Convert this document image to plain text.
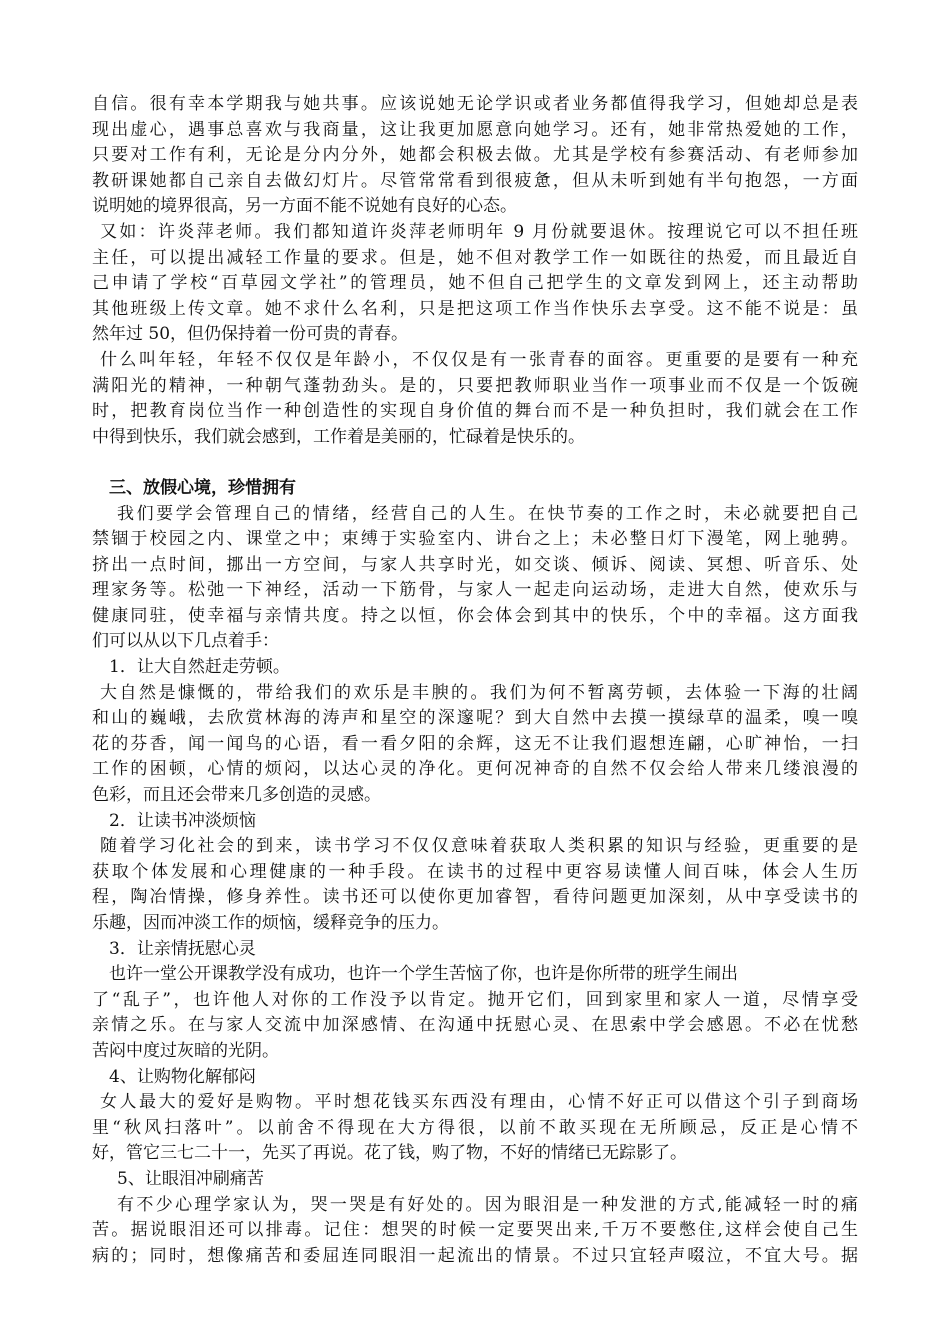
自信。很有幸本学期我与她共事。应该说她无论学识或者业务都值得我学习，但她却总是表
现出虚心，遇事总喜欢与我商量，这让我更加愿意向她学习。还有，她非常热爱她的工作，
只要对工作有利，无论是分内分外，她都会积极去做。尤其是学校有参赛活动、有老师参加
教研课她都自己亲自去做幻灯片。尽管常常看到很疲惫，但从未听到她有半句抱怨，一方面
说明她的境界很高，另一方面不能不说她有良好的心态。
又如：许炎萍老师。我们都知道许炎萍老师明年 9 月份就要退休。按理说它可以不担任班
主任，可以提出减轻工作量的要求。但是，她不但对教学工作一如既往的热爱，而且最近自
己申请了学校“百草园文学社”的管理员，她不但自己把学生的文章发到网上，还主动帮助
其他班级上传文章。她不求什么名利，只是把这项工作当作快乐去享受。这不能不说是：虽
然年过 50，但仍保持着一份可贵的青春。
什么叫年轻，年轻不仅仅是年龄小，不仅仅是有一张青春的面容。更重要的是要有一种充
满阳光的精神，一种朝气蓬勃劲头。是的，只要把教师职业当作一项事业而不仅是一个饭碗
时，把教育岗位当作一种创造性的实现自身价值的舞台而不是一种负担时，我们就会在工作
中得到快乐，我们就会感到，工作着是美丽的，忙碌着是快乐的。
三、放假心境，珍惜拥有
我们要学会管理自己的情绪，经营自己的人生。在快节奏的工作之时，未必就要把自己
禁锢于校园之内、课堂之中；束缚于实验室内、讲台之上；未必整日灯下漫笔，网上驰骋。
挤出一点时间，挪出一方空间，与家人共享时光，如交谈、倾诉、阅读、冥想、听音乐、处
理家务等。松弛一下神经，活动一下筋骨，与家人一起走向运动场，走进大自然，使欢乐与
健康同驻，使幸福与亲情共度。持之以恒，你会体会到其中的快乐，个中的幸福。这方面我
们可以从以下几点着手：
1．让大自然赶走劳顿。
大自然是慷慨的，带给我们的欢乐是丰腴的。我们为何不暂离劳顿，去体验一下海的壮阔
和山的巍峨，去欣赏林海的涛声和星空的深邃呢？到大自然中去摸一摸绿草的温柔，嗅一嗅
花的芬香，闻一闻鸟的心语，看一看夕阳的余辉，这无不让我们遐想连翩，心旷神怡，一扫
工作的困顿，心情的烦闷，以达心灵的净化。更何况神奇的自然不仅会给人带来几缕浪漫的
色彩，而且还会带来几多创造的灵感。
2．让读书冲淡烦恼
随着学习化社会的到来，读书学习不仅仅意味着获取人类积累的知识与经验，更重要的是
获取个体发展和心理健康的一种手段。在读书的过程中更容易读懂人间百味，体会人生历
程，陶冶情操，修身养性。读书还可以使你更加睿智，看待问题更加深刻，从中享受读书的
乐趣，因而冲淡工作的烦恼，缓释竞争的压力。
3．让亲情抚慰心灵
也许一堂公开课教学没有成功，也许一个学生苦恼了你，也许是你所带的班学生闹出
了“乱子”，也许他人对你的工作没予以肯定。抛开它们，回到家里和家人一道，尽情享受
亲情之乐。在与家人交流中加深感情、在沟通中抚慰心灵、在思索中学会感恩。不必在忧愁
苦闷中度过灰暗的光阴。
4、让购物化解郁闷
女人最大的爱好是购物。平时想花钱买东西没有理由，心情不好正可以借这个引子到商场
里“秋风扫落叶”。以前舍不得现在大方得很，以前不敢买现在无所顾忌，反正是心情不
好，管它三七二十一，先买了再说。花了钱，购了物，不好的情绪已无踪影了。
5、让眼泪冲刷痛苦
有不少心理学家认为，哭一哭是有好处的。因为眼泪是一种发泄的方式,能减轻一时的痛
苦。据说眼泪还可以排毒。记住：想哭的时候一定要哭出来,千万不要憋住,这样会使自己生
病的；同时，想像痛苦和委屈连同眼泪一起流出的情景。不过只宜轻声啜泣，不宜大号。据
